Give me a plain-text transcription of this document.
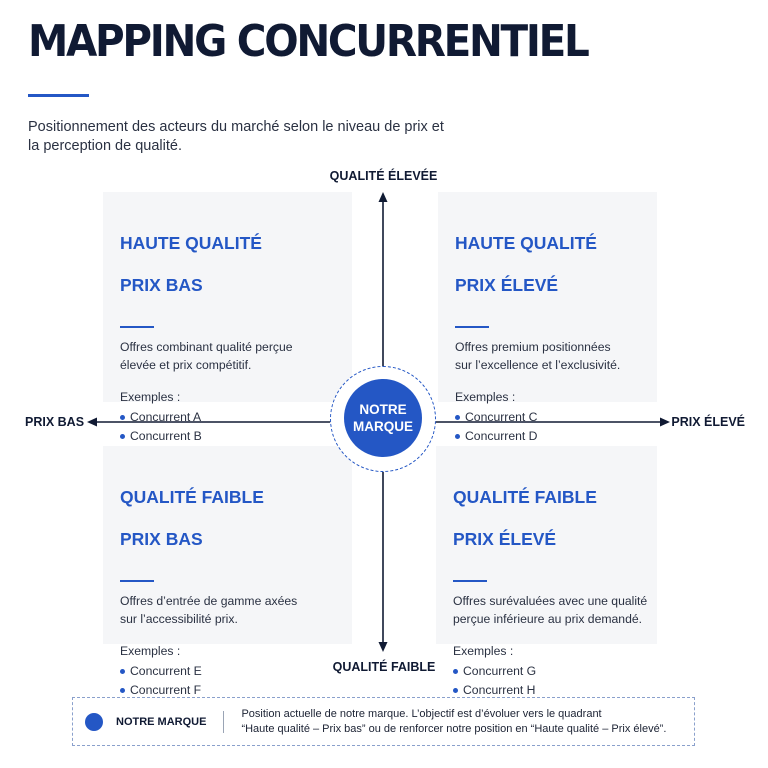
MAPPING CONCURRENTIEL

Positionnement des acteurs du marché selon le niveau de prix et la perception de qualité.

HAUTE QUALITÉ

PRIX BAS

Offres combinant qualité perçue
élevée et prix compétitif.
Exemples :
Concurrent A
Concurrent B

HAUTE QUALITÉ

PRIX ÉLEVÉ

Offres premium positionnées
sur l’excellence et l’exclusivité.
Exemples :
Concurrent C
Concurrent D

QUALITÉ FAIBLE

PRIX BAS

Offres d’entrée de gamme axées
sur l’accessibilité prix.
Exemples :
Concurrent E
Concurrent F

QUALITÉ FAIBLE

PRIX ÉLEVÉ

Offres surévaluées avec une qualité
perçue inférieure au prix demandé.
Exemples :
Concurrent G
Concurrent H
QUALITÉ ÉLEVÉE
QUALITÉ FAIBLE
PRIX BAS	PRIX ÉLEVÉ
NOTRE
MARQUE
NOTRE MARQUE
Position actuelle de notre marque. L’objectif est d’évoluer vers le quadrant
“Haute qualité – Prix bas” ou de renforcer notre position en “Haute qualité – Prix élevé”.
